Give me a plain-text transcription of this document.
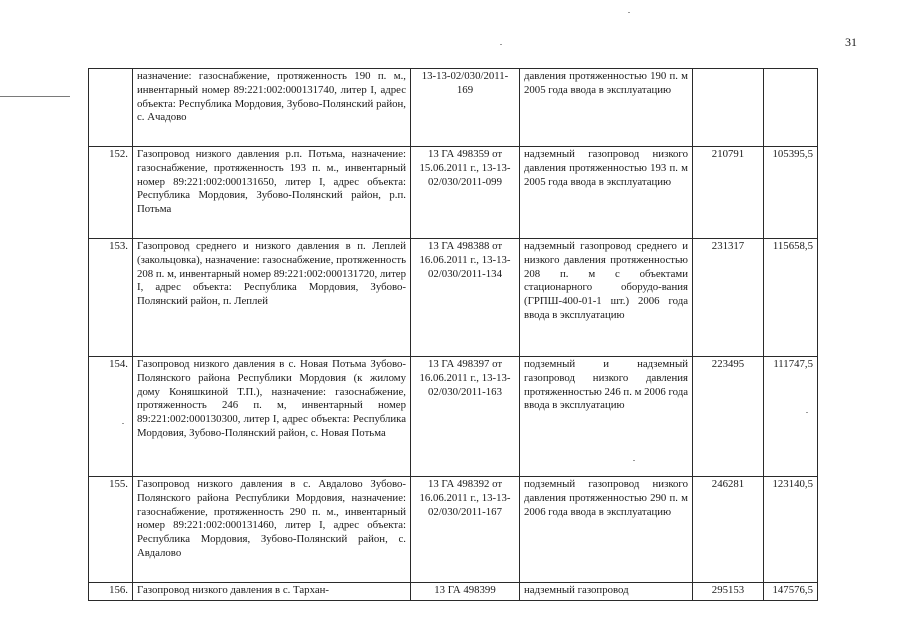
31
	назначение: газоснабжение, протяженность 190 п. м., инвентарный номер 89:221:002:000131740, литер I, адрес объекта: Республика Мордовия, Зубово-Полянский район, с. Ачадово	13-13-02/030/2011-169	давления протяженностью 190 п. м 2005 года ввода в эксплуатацию		
152.	Газопровод низкого давления р.п. Потьма, назначение: газоснабжение, протяженность 193 п. м., инвентарный номер 89:221:002:000131650, литер I, адрес объекта: Республика Мордовия, Зубово-Полянский район, р.п. Потьма	13 ГА 498359 от 15.06.2011 г., 13-13-02/030/2011-099	надземный газопровод низкого давления протяженностью 193 п. м 2005 года ввода в эксплуатацию	210791	105395,5
153.	Газопровод среднего и низкого давления в п. Леплей (закольцовка), назначение: газоснабжение, протяженность 208 п. м, инвентарный номер 89:221:002:000131720, литер I, адрес объекта: Республика Мордовия, Зубово-Полянский район, п. Леплей	13 ГА 498388 от 16.06.2011 г., 13-13-02/030/2011-134	надземный газопровод среднего и низкого давления протяженностью 208 п. м с объектами стационарного оборудо-вания (ГРПШ-400-01-1 шт.) 2006 года ввода в эксплуатацию	231317	115658,5
154.	Газопровод низкого давления в с. Новая Потьма Зубово-Полянского района Республики Мордовия (к жилому дому Коняшкиной Т.П.), назначение: газоснабжение, протяженность 246 п. м, инвентарный номер 89:221:002:000130300, литер I, адрес объекта: Республика Мордовия, Зубово-Полянский район, с. Новая Потьма	13 ГА 498397 от 16.06.2011 г., 13-13-02/030/2011-163	подземный и надземный газопровод низкого давления протяженностью 246 п. м 2006 года ввода в эксплуатацию	223495	111747,5
155.	Газопровод низкого давления в с. Авдалово Зубово-Полянского района Республики Мордовия, назначение: газоснабжение, протяженность 290 п. м., инвентарный номер 89:221:002:000131460, литер I, адрес объекта: Республика Мордовия, Зубово-Полянский район, с. Авдалово	13 ГА 498392 от 16.06.2011 г., 13-13-02/030/2011-167	подземный газопровод низкого давления протяженностью 290 п. м 2006 года ввода в эксплуатацию	246281	123140,5
156.	Газопровод низкого давления в с. Тархан-	13 ГА 498399	надземный газопровод	295153	147576,5
